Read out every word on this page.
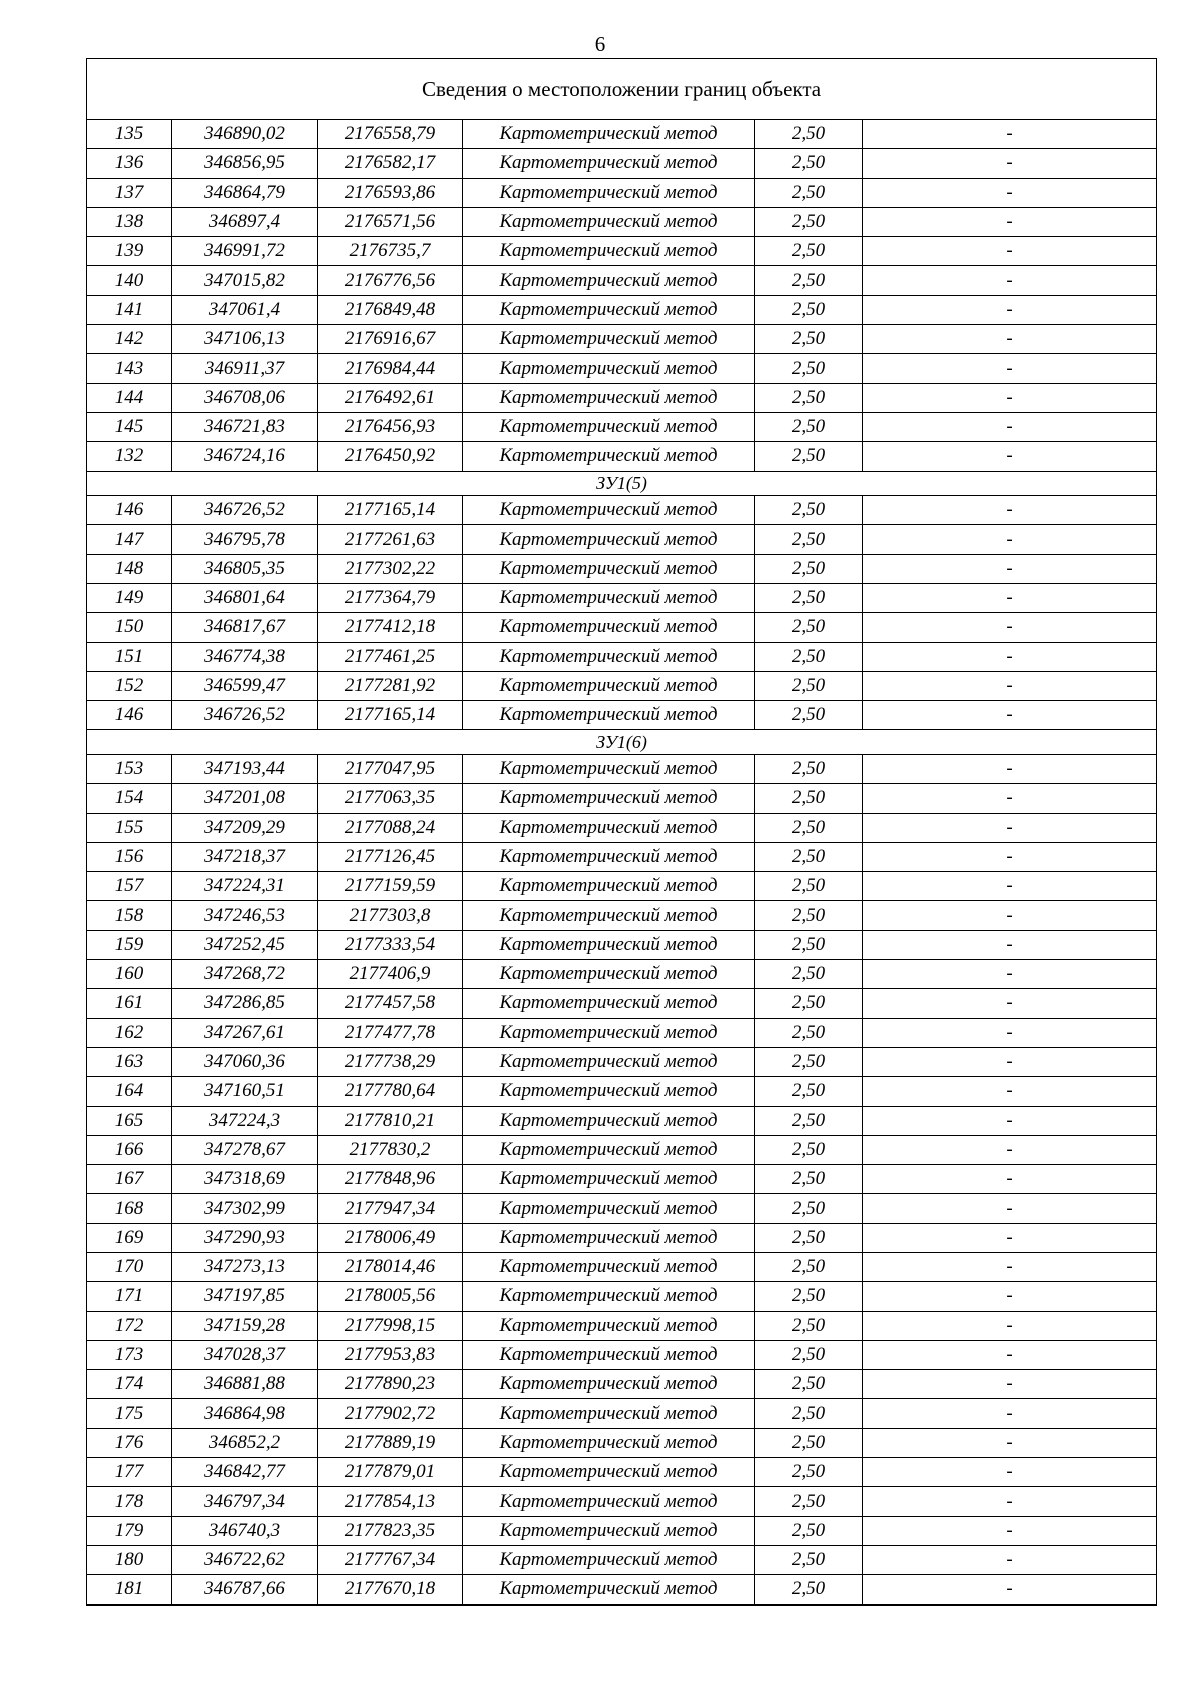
6
Сведения о местоположении границ объекта					
135	346890,02	2176558,79	Картометрический метод	2,50	-
136	346856,95	2176582,17	Картометрический метод	2,50	-
137	346864,79	2176593,86	Картометрический метод	2,50	-
138	346897,4	2176571,56	Картометрический метод	2,50	-
139	346991,72	2176735,7	Картометрический метод	2,50	-
140	347015,82	2176776,56	Картометрический метод	2,50	-
141	347061,4	2176849,48	Картометрический метод	2,50	-
142	347106,13	2176916,67	Картометрический метод	2,50	-
143	346911,37	2176984,44	Картометрический метод	2,50	-
144	346708,06	2176492,61	Картометрический метод	2,50	-
145	346721,83	2176456,93	Картометрический метод	2,50	-
132	346724,16	2176450,92	Картометрический метод	2,50	-
ЗУ1(5)					
146	346726,52	2177165,14	Картометрический метод	2,50	-
147	346795,78	2177261,63	Картометрический метод	2,50	-
148	346805,35	2177302,22	Картометрический метод	2,50	-
149	346801,64	2177364,79	Картометрический метод	2,50	-
150	346817,67	2177412,18	Картометрический метод	2,50	-
151	346774,38	2177461,25	Картометрический метод	2,50	-
152	346599,47	2177281,92	Картометрический метод	2,50	-
146	346726,52	2177165,14	Картометрический метод	2,50	-
ЗУ1(6)					
153	347193,44	2177047,95	Картометрический метод	2,50	-
154	347201,08	2177063,35	Картометрический метод	2,50	-
155	347209,29	2177088,24	Картометрический метод	2,50	-
156	347218,37	2177126,45	Картометрический метод	2,50	-
157	347224,31	2177159,59	Картометрический метод	2,50	-
158	347246,53	2177303,8	Картометрический метод	2,50	-
159	347252,45	2177333,54	Картометрический метод	2,50	-
160	347268,72	2177406,9	Картометрический метод	2,50	-
161	347286,85	2177457,58	Картометрический метод	2,50	-
162	347267,61	2177477,78	Картометрический метод	2,50	-
163	347060,36	2177738,29	Картометрический метод	2,50	-
164	347160,51	2177780,64	Картометрический метод	2,50	-
165	347224,3	2177810,21	Картометрический метод	2,50	-
166	347278,67	2177830,2	Картометрический метод	2,50	-
167	347318,69	2177848,96	Картометрический метод	2,50	-
168	347302,99	2177947,34	Картометрический метод	2,50	-
169	347290,93	2178006,49	Картометрический метод	2,50	-
170	347273,13	2178014,46	Картометрический метод	2,50	-
171	347197,85	2178005,56	Картометрический метод	2,50	-
172	347159,28	2177998,15	Картометрический метод	2,50	-
173	347028,37	2177953,83	Картометрический метод	2,50	-
174	346881,88	2177890,23	Картометрический метод	2,50	-
175	346864,98	2177902,72	Картометрический метод	2,50	-
176	346852,2	2177889,19	Картометрический метод	2,50	-
177	346842,77	2177879,01	Картометрический метод	2,50	-
178	346797,34	2177854,13	Картометрический метод	2,50	-
179	346740,3	2177823,35	Картометрический метод	2,50	-
180	346722,62	2177767,34	Картометрический метод	2,50	-
181	346787,66	2177670,18	Картометрический метод	2,50	-
